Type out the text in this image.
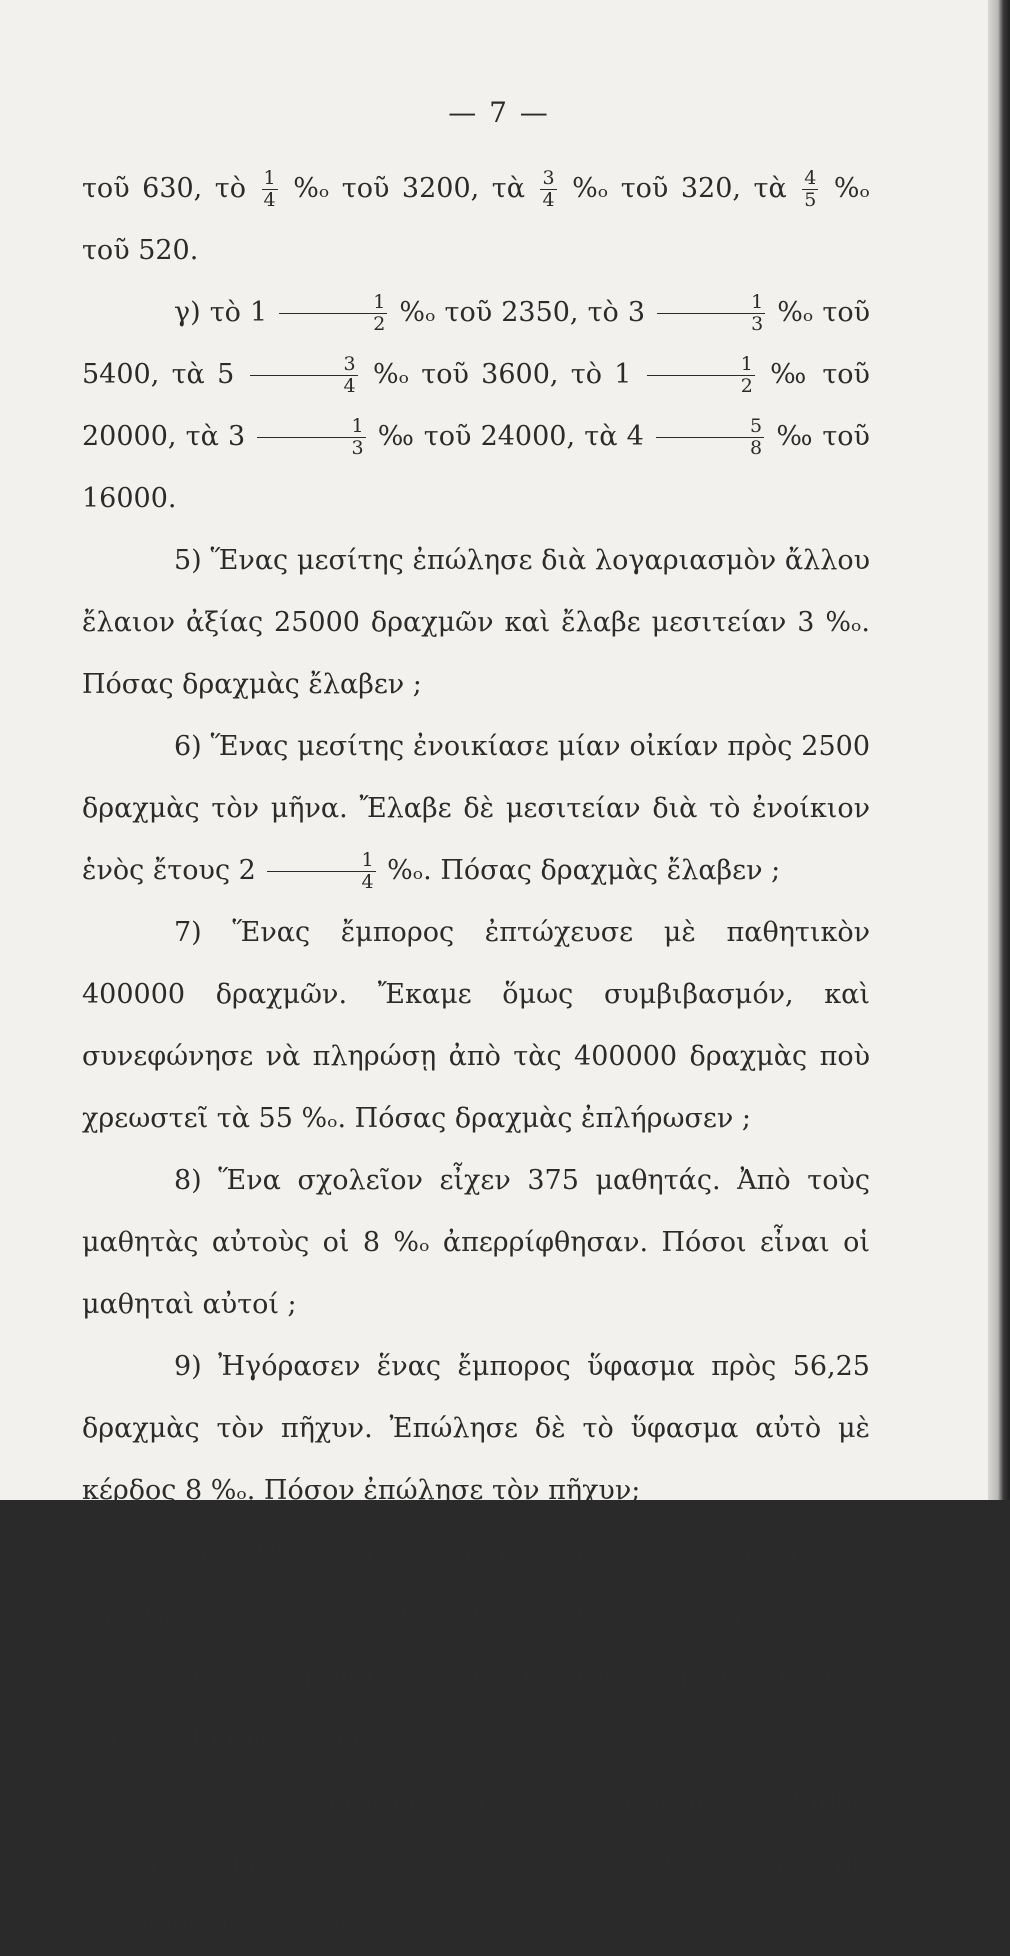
— 7 —

τοῦ 630, τὸ $\frac{1}{4} \%_o$ τοῦ 3200, τὰ $\frac{3}{4} \%_o$ τοῦ 320, τὰ $\frac{4}{5} \%_o$ τοῦ 520.

γ) τὸ $1 \frac{1}{2} \%_o$ τοῦ 2350, τὸ $3 \frac{1}{3} \%_o$ τοῦ 5400, τὰ $5 \frac{3}{4} \%_o$ τοῦ 3600, τὸ $1 \frac{1}{2}$ ‰ τοῦ 20000, τὰ $3 \frac{1}{3}$ ‰ τοῦ 24000, τὰ $4 \frac{5}{8}$ ‰ τοῦ 16000.

5) Ἕνας μεσίτης ἐπώλησε διὰ λογαριασμὸν ἄλλου ἔλαιον ἀξίας 25000 δραχμῶν καὶ ἔλαβε μεσιτείαν 3 %ₒ. Πόσας δραχμὰς ἔλαβεν ;

6) Ἕνας μεσίτης ἐνοικίασε μίαν οἰκίαν πρὸς 2500 δραχμὰς τὸν μῆνα. Ἔλαβε δὲ μεσιτείαν διὰ τὸ ἐνοίκιον ἑνὸς ἔτους $2 \frac{1}{4} \%_o$. Πόσας δραχμὰς ἔλαβεν ;

7) Ἕνας ἔμπορος ἐπτώχευσε μὲ παθητικὸν 400000 δραχμῶν. Ἔκαμε ὅμως συμβιβασμόν, καὶ συνεφώνησε νὰ πληρώσῃ ἀπὸ τὰς 400000 δραχμὰς ποὺ χρεωστεῖ τὰ 55 %ₒ. Πόσας δραχμὰς ἐπλήρωσεν ;

8) Ἕνα σχολεῖον εἶχεν 375 μαθητάς. Ἀπὸ τοὺς μαθητὰς αὐτοὺς οἱ 8 %ₒ ἀπερρίφθησαν. Πόσοι εἶναι οἱ μαθηταὶ αὐτοί ;

9) Ἠγόρασεν ἕνας ἔμπορος ὕφασμα πρὸς 56,25 δραχμὰς τὸν πῆχυν. Ἐπώλησε δὲ τὸ ὕφασμα αὐτὸ μὲ κέρδος 8 %ₒ. Πόσον ἐπώλησε τὸν πῆχυν;

10) Ἤθελε μία νὰ ἀγοράσῃ ἕνα ὡρισμένον ὕφασμα καὶ τῆς ἐζήτησαν 160 δραχμὰς τὸν πῆχυν. Ἀλλ' ἔπειτα ἀπὸ συμφωνίαν, ὁ ἔμπορος τῆς ἔκαμεν ἔκπτωσιν 15 %ₒ. Πόσον ἐπλήρωσε τὸν πῆχυν ;

11) Ἕνας ἠσφάλισε τὴν οἰκίαν του ἀξίας 225000 δραχμῶν πρὸς $2 \frac{3}{4}$ ‰. Πόσα ἀσφάλιστρα πληρώνει κάθε ἔτος;
